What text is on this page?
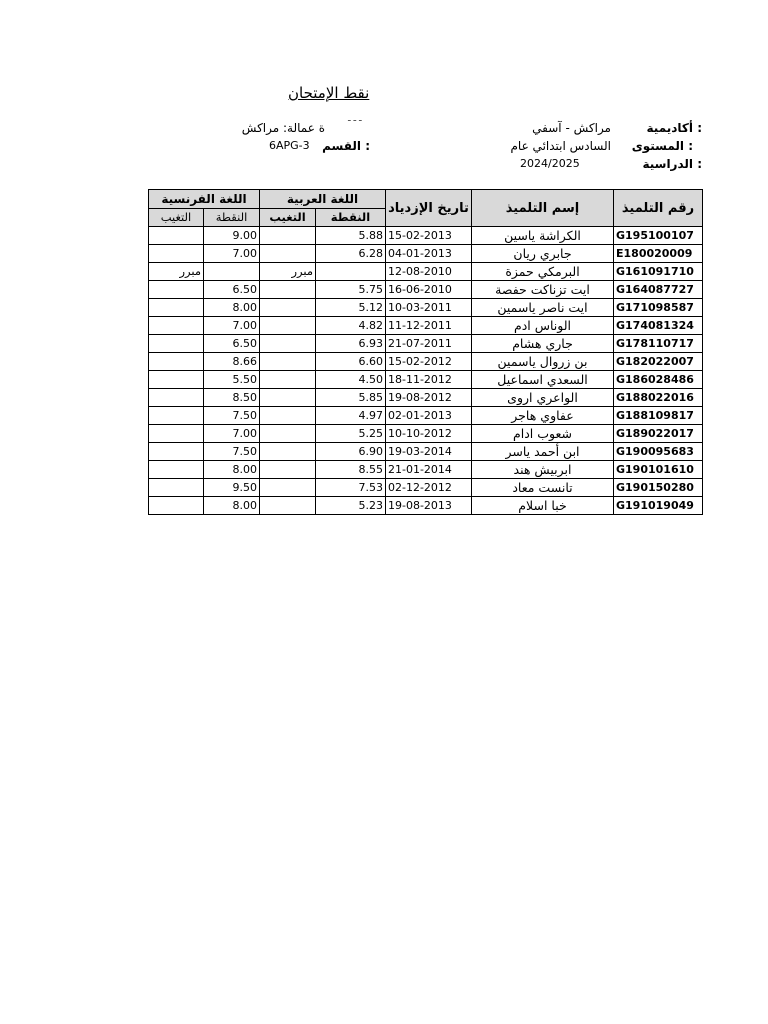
نقط الإمتحان
ـ ـ ـ
: أكاديمية
مراكش - آسفي
: المستوى
السادس ابتدائي عام
: الدراسية
2024/2025
ة عمالة: مراكش
: القسم
6APG-3
اللغة الفرنسية		اللغة العربية		تاريخ الإزدياد	إسم التلميذ	رقم التلميذ
التغيب	النقطة	التغيب	النقطة			
	9.00		5.88	15-02-2013	الكراشة ياسين	G195100107
	7.00		6.28	04-01-2013	جابري ريان	E180020009
مبرر		مبرر		12-08-2010	البرمكي حمزة	G161091710
	6.50		5.75	16-06-2010	ايت تزناكت حفصة	G164087727
	8.00		5.12	10-03-2011	ايت ناصر ياسمين	G171098587
	7.00		4.82	11-12-2011	الوناس ادم	G174081324
	6.50		6.93	21-07-2011	جاري هشام	G178110717
	8.66		6.60	15-02-2012	بن زروال ياسمين	G182022007
	5.50		4.50	18-11-2012	السعدي اسماعيل	G186028486
	8.50		5.85	19-08-2012	الواعري اروى	G188022016
	7.50		4.97	02-01-2013	عفاوي هاجر	G188109817
	7.00		5.25	10-10-2012	شعوب ادام	G189022017
	7.50		6.90	19-03-2014	ابن أحمد ياسر	G190095683
	8.00		8.55	21-01-2014	ابربيش هند	G190101610
	9.50		7.53	02-12-2012	تانست معاد	G190150280
	8.00		5.23	19-08-2013	خبا اسلام	G191019049
